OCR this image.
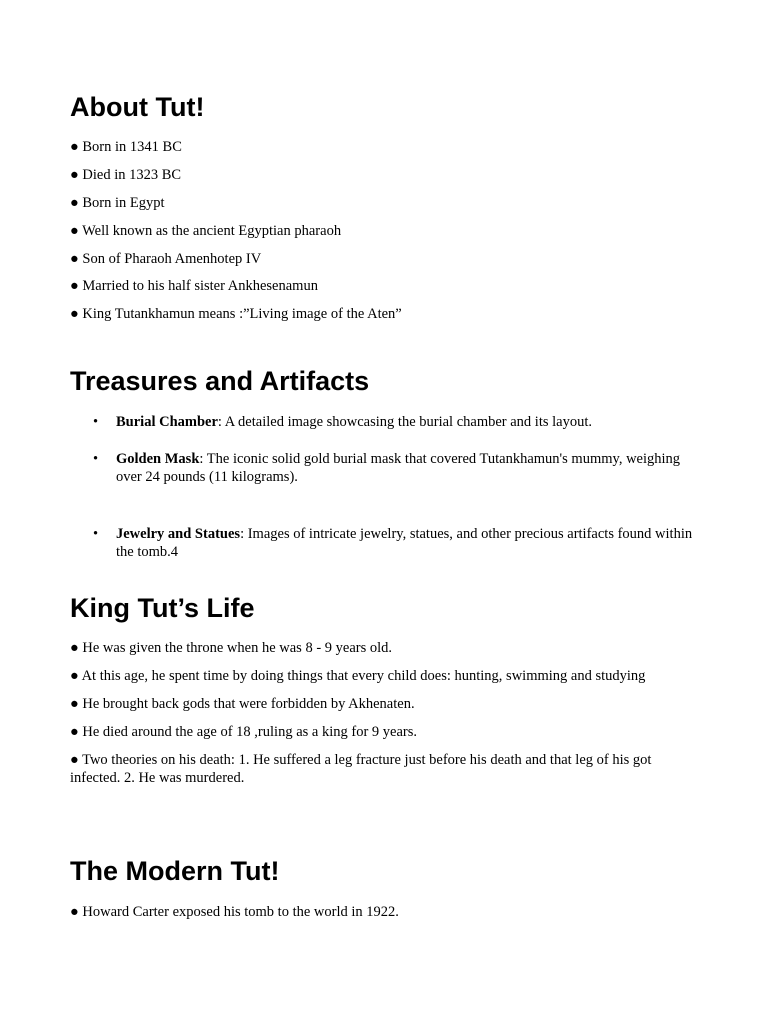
About Tut!

● Born in 1341 BC

● Died in 1323 BC

● Born in Egypt

● Well known as the ancient Egyptian pharaoh

● Son of Pharaoh Amenhotep IV

● Married to his half sister Ankhesenamun

● King Tutankhamun means :”Living image of the Aten”

Treasures and Artifacts
• Burial Chamber: A detailed image showcasing the burial chamber and its layout.
• Golden Mask: The iconic solid gold burial mask that covered Tutankhamun's mummy, weighing over 24 pounds (11 kilograms).
• Jewelry and Statues: Images of intricate jewelry, statues, and other precious artifacts found within the tomb.4
King Tut’s Life

● He was given the throne when he was 8 - 9 years old.

● At this age, he spent time by doing things that every child does: hunting, swimming and studying

● He brought back gods that were forbidden by Akhenaten.

● He died around the age of 18 ,ruling as a king for 9 years.

● Two theories on his death: 1. He suffered a leg fracture just before his death and that leg of his got infected. 2. He was murdered.

The Modern Tut!

● Howard Carter exposed his tomb to the world in 1922.
